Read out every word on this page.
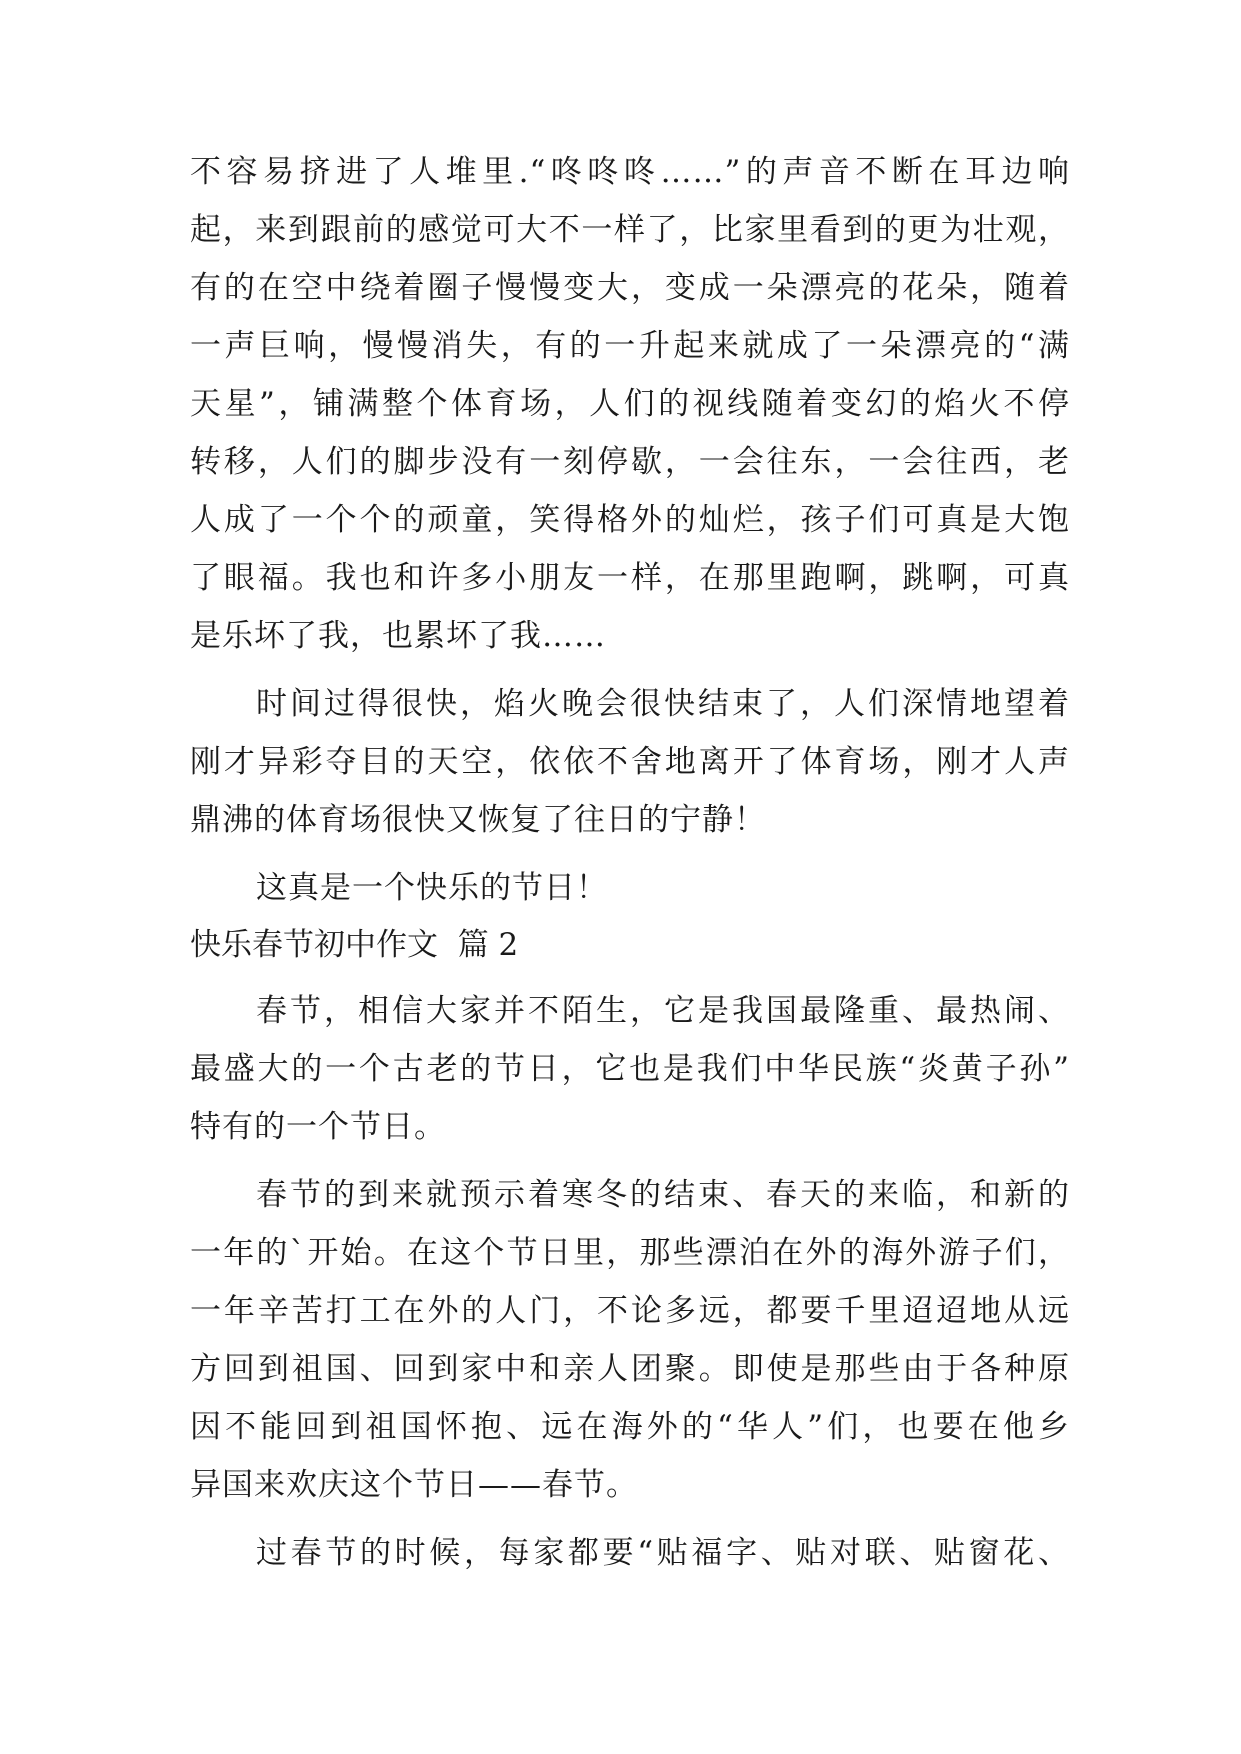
不容易挤进了人堆里.“咚咚咚……”的声音不断在耳边响
起，来到跟前的感觉可大不一样了，比家里看到的更为壮观，
有的在空中绕着圈子慢慢变大，变成一朵漂亮的花朵，随着
一声巨响，慢慢消失，有的一升起来就成了一朵漂亮的“满
天星”，铺满整个体育场，人们的视线随着变幻的焰火不停
转移，人们的脚步没有一刻停歇，一会往东，一会往西，老
人成了一个个的顽童，笑得格外的灿烂，孩子们可真是大饱
了眼福。我也和许多小朋友一样，在那里跑啊，跳啊，可真
是乐坏了我，也累坏了我……
时间过得很快，焰火晚会很快结束了，人们深情地望着
刚才异彩夺目的天空，依依不舍地离开了体育场，刚才人声
鼎沸的体育场很快又恢复了往日的宁静！
这真是一个快乐的节日！
快乐春节初中作文  篇 2
春节，相信大家并不陌生，它是我国最隆重、最热闹、
最盛大的一个古老的节日，它也是我们中华民族“炎黄子孙”
特有的一个节日。
春节的到来就预示着寒冬的结束、春天的来临，和新的
一年的`开始。在这个节日里，那些漂泊在外的海外游子们，
一年辛苦打工在外的人门，不论多远，都要千里迢迢地从远
方回到祖国、回到家中和亲人团聚。即使是那些由于各种原
因不能回到祖国怀抱、远在海外的“华人”们，也要在他乡
异国来欢庆这个节日——春节。
过春节的时候，每家都要“贴福字、贴对联、贴窗花、
